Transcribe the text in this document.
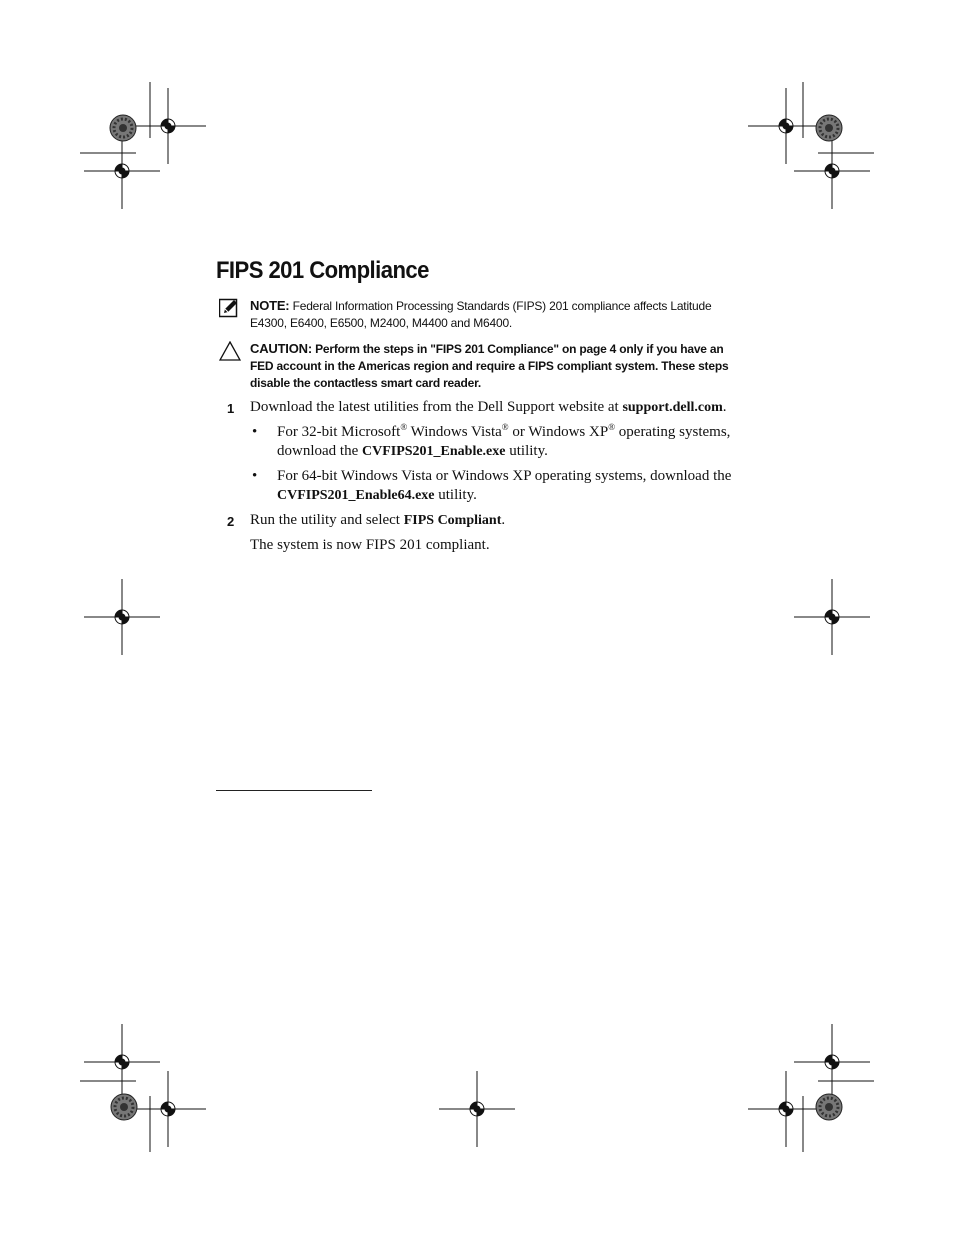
FIPS 201 Compliance
NOTE: Federal Information Processing Standards (FIPS) 201 compliance affects Latitude E4300, E6400, E6500, M2400, M4400 and M6400.
CAUTION: Perform the steps in "FIPS 201 Compliance" on page 4 only if you have an FED account in the Americas region and require a FIPS compliant system. These steps disable the contactless smart card reader.
1 Download the latest utilities from the Dell Support website at support.dell.com.
• For 32-bit Microsoft® Windows Vista® or Windows XP® operating systems, download the CVFIPS201_Enable.exe utility.
• For 64-bit Windows Vista or Windows XP operating systems, download the CVFIPS201_Enable64.exe utility.
2 Run the utility and select FIPS Compliant.
The system is now FIPS 201 compliant.
